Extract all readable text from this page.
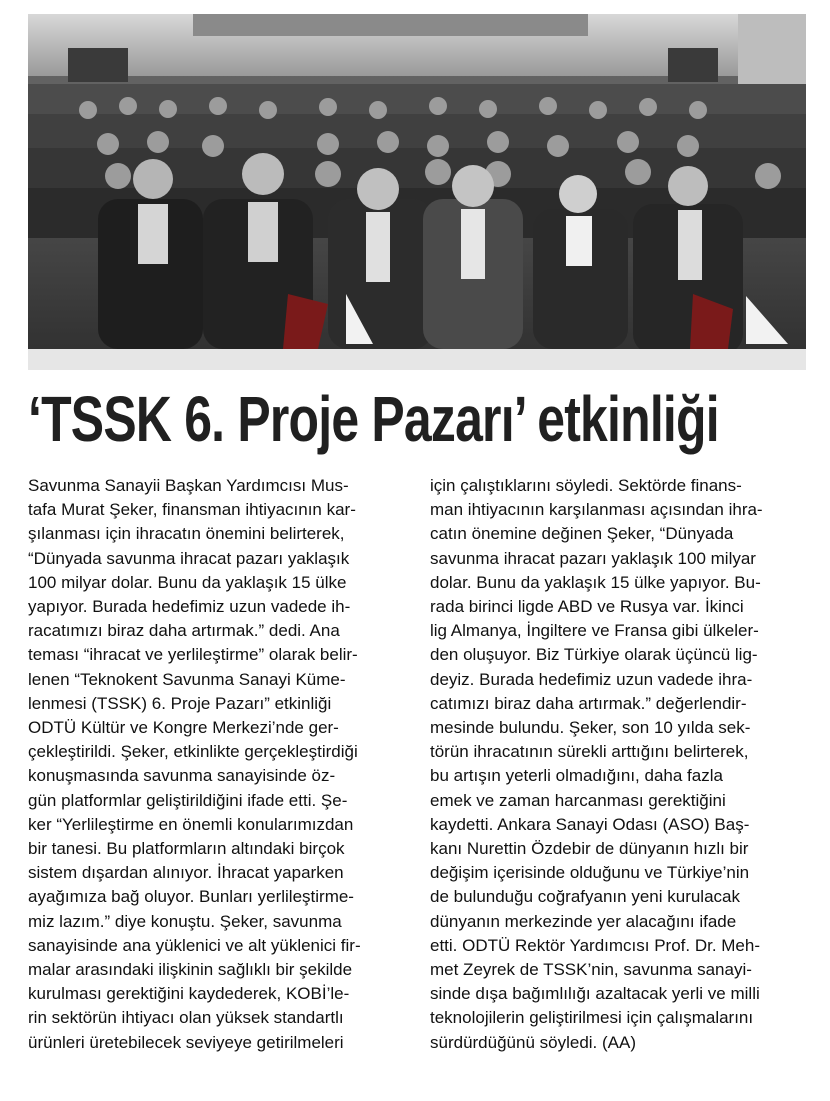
‘TSSK 6. Proje Pazarı’ etkinliği

Savunma Sanayii Başkan Yardımcısı Mus-
tafa Murat Şeker, finansman ihtiyacının kar-
şılanması için ihracatın önemini belirterek,
“Dünyada savunma ihracat pazarı yaklaşık
100 milyar dolar. Bunu da yaklaşık 15 ülke
yapıyor. Burada hedefimiz uzun vadede ih-
racatımızı biraz daha artırmak.” dedi. Ana
teması “ihracat ve yerlileştirme” olarak belir-
lenen “Teknokent Savunma Sanayi Küme-
lenmesi (TSSK) 6. Proje Pazarı” etkinliği
ODTÜ Kültür ve Kongre Merkezi’nde ger-
çekleştirildi. Şeker, etkinlikte gerçekleştirdiği
konuşmasında savunma sanayisinde öz-
gün platformlar geliştirildiğini ifade etti. Şe-
ker “Yerlileştirme en önemli konularımızdan
bir tanesi. Bu platformların altındaki birçok
sistem dışardan alınıyor. İhracat yaparken
ayağımıza bağ oluyor. Bunları yerlileştirme-
miz lazım.” diye konuştu. Şeker, savunma
sanayisinde ana yüklenici ve alt yüklenici fir-
malar arasındaki ilişkinin sağlıklı bir şekilde
kurulması gerektiğini kaydederek, KOBİ’le-
rin sektörün ihtiyacı olan yüksek standartlı
ürünleri üretebilecek seviyeye getirilmeleri

için çalıştıklarını söyledi. Sektörde finans-
man ihtiyacının karşılanması açısından ihra-
catın önemine değinen Şeker, “Dünyada
savunma ihracat pazarı yaklaşık 100 milyar
dolar. Bunu da yaklaşık 15 ülke yapıyor. Bu-
rada birinci ligde ABD ve Rusya var. İkinci
lig Almanya, İngiltere ve Fransa gibi ülkeler-
den oluşuyor. Biz Türkiye olarak üçüncü lig-
deyiz. Burada hedefimiz uzun vadede ihra-
catımızı biraz daha artırmak.” değerlendir-
mesinde bulundu. Şeker, son 10 yılda sek-
törün ihracatının sürekli arttığını belirterek,
bu artışın yeterli olmadığını, daha fazla
emek ve zaman harcanması gerektiğini
kaydetti. Ankara Sanayi Odası (ASO) Baş-
kanı Nurettin Özdebir de dünyanın hızlı bir
değişim içerisinde olduğunu ve Türkiye’nin
de bulunduğu coğrafyanın yeni kurulacak
dünyanın merkezinde yer alacağını ifade
etti. ODTÜ Rektör Yardımcısı Prof. Dr. Meh-
met Zeyrek de TSSK’nin, savunma sanayi-
sinde dışa bağımlılığı azaltacak yerli ve milli
teknolojilerin geliştirilmesi için çalışmalarını
sürdürdüğünü söyledi. (AA)
